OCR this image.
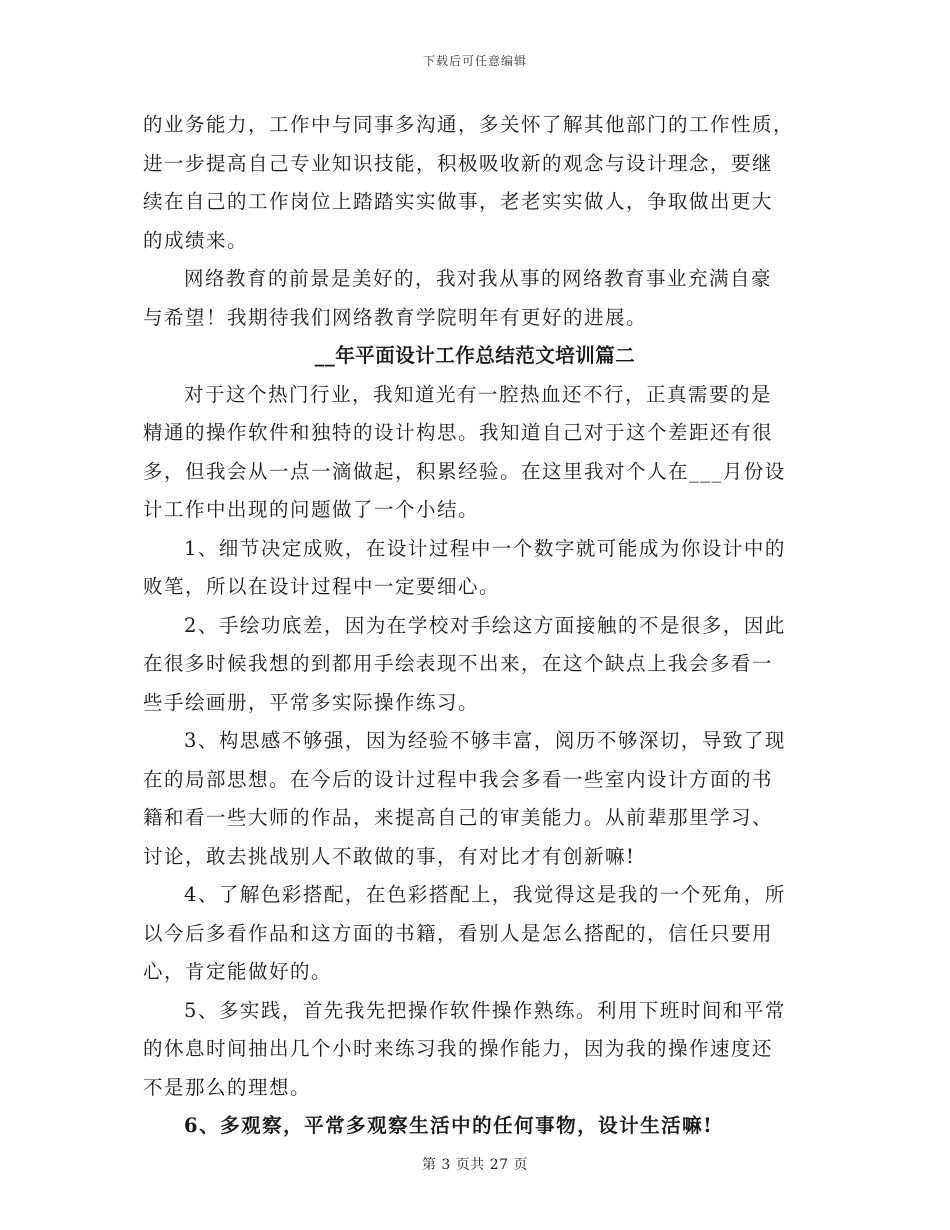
下载后可任意编辑
的业务能力，工作中与同事多沟通，多关怀了解其他部门的工作性质，
进一步提高自己专业知识技能，积极吸收新的观念与设计理念，要继
续在自己的工作岗位上踏踏实实做事，老老实实做人，争取做出更大
的成绩来。
网络教育的前景是美好的，我对我从事的网络教育事业充满自豪
与希望！我期待我们网络教育学院明年有更好的进展。
__年平面设计工作总结范文培训篇二
对于这个热门行业，我知道光有一腔热血还不行，正真需要的是
精通的操作软件和独特的设计构思。我知道自己对于这个差距还有很
多，但我会从一点一滴做起，积累经验。在这里我对个人在___月份设
计工作中出现的问题做了一个小结。
1、细节决定成败，在设计过程中一个数字就可能成为你设计中的
败笔，所以在设计过程中一定要细心。
2、手绘功底差，因为在学校对手绘这方面接触的不是很多，因此
在很多时候我想的到都用手绘表现不出来，在这个缺点上我会多看一
些手绘画册，平常多实际操作练习。
3、构思感不够强，因为经验不够丰富，阅历不够深切，导致了现
在的局部思想。在今后的设计过程中我会多看一些室内设计方面的书
籍和看一些大师的作品，来提高自己的审美能力。从前辈那里学习、
讨论，敢去挑战别人不敢做的事，有对比才有创新嘛!
4、了解色彩搭配，在色彩搭配上，我觉得这是我的一个死角，所
以今后多看作品和这方面的书籍，看别人是怎么搭配的，信任只要用
心，肯定能做好的。
5、多实践，首先我先把操作软件操作熟练。利用下班时间和平常
的休息时间抽出几个小时来练习我的操作能力，因为我的操作速度还
不是那么的理想。
6、多观察，平常多观察生活中的任何事物，设计生活嘛!
第 3 页共 27 页
